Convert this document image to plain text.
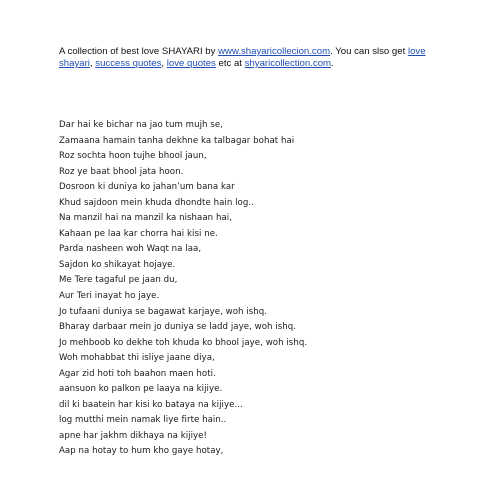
A collection of best love SHAYARI by www.shayaricollecion.com. You can slso get love shayari, success quotes, love quotes etc at shyaricollection.com.
Dar hai ke bichar na jao tum mujh se,
Zamaana hamain tanha dekhne ka talbagar bohat hai
Roz sochta hoon tujhe bhool jaun,
Roz ye baat bhool jata hoon.
Dosroon ki duniya ko jahan’um bana kar
Khud sajdoon mein khuda dhondte hain log..
Na manzil hai na manzil ka nishaan hai,
Kahaan pe laa kar chorra hai kisi ne.
Parda nasheen woh Waqt na laa,
Sajdon ko shikayat hojaye.
Me Tere tagaful pe jaan du,
Aur Teri inayat ho jaye.
Jo tufaani duniya se bagawat karjaye, woh ishq.
Bharay darbaar mein jo duniya se ladd jaye, woh ishq.
Jo mehboob ko dekhe toh khuda ko bhool jaye, woh ishq.
Woh mohabbat thi isliye jaane diya,
Agar zid hoti toh baahon maen hoti.
aansuon ko palkon pe laaya na kijiye.
dil ki baatein har kisi ko bataya na kijiye…
log mutthi mein namak liye firte hain..
apne har jakhm dikhaya na kijiye!
Aap na hotay to hum kho gaye hotay,
